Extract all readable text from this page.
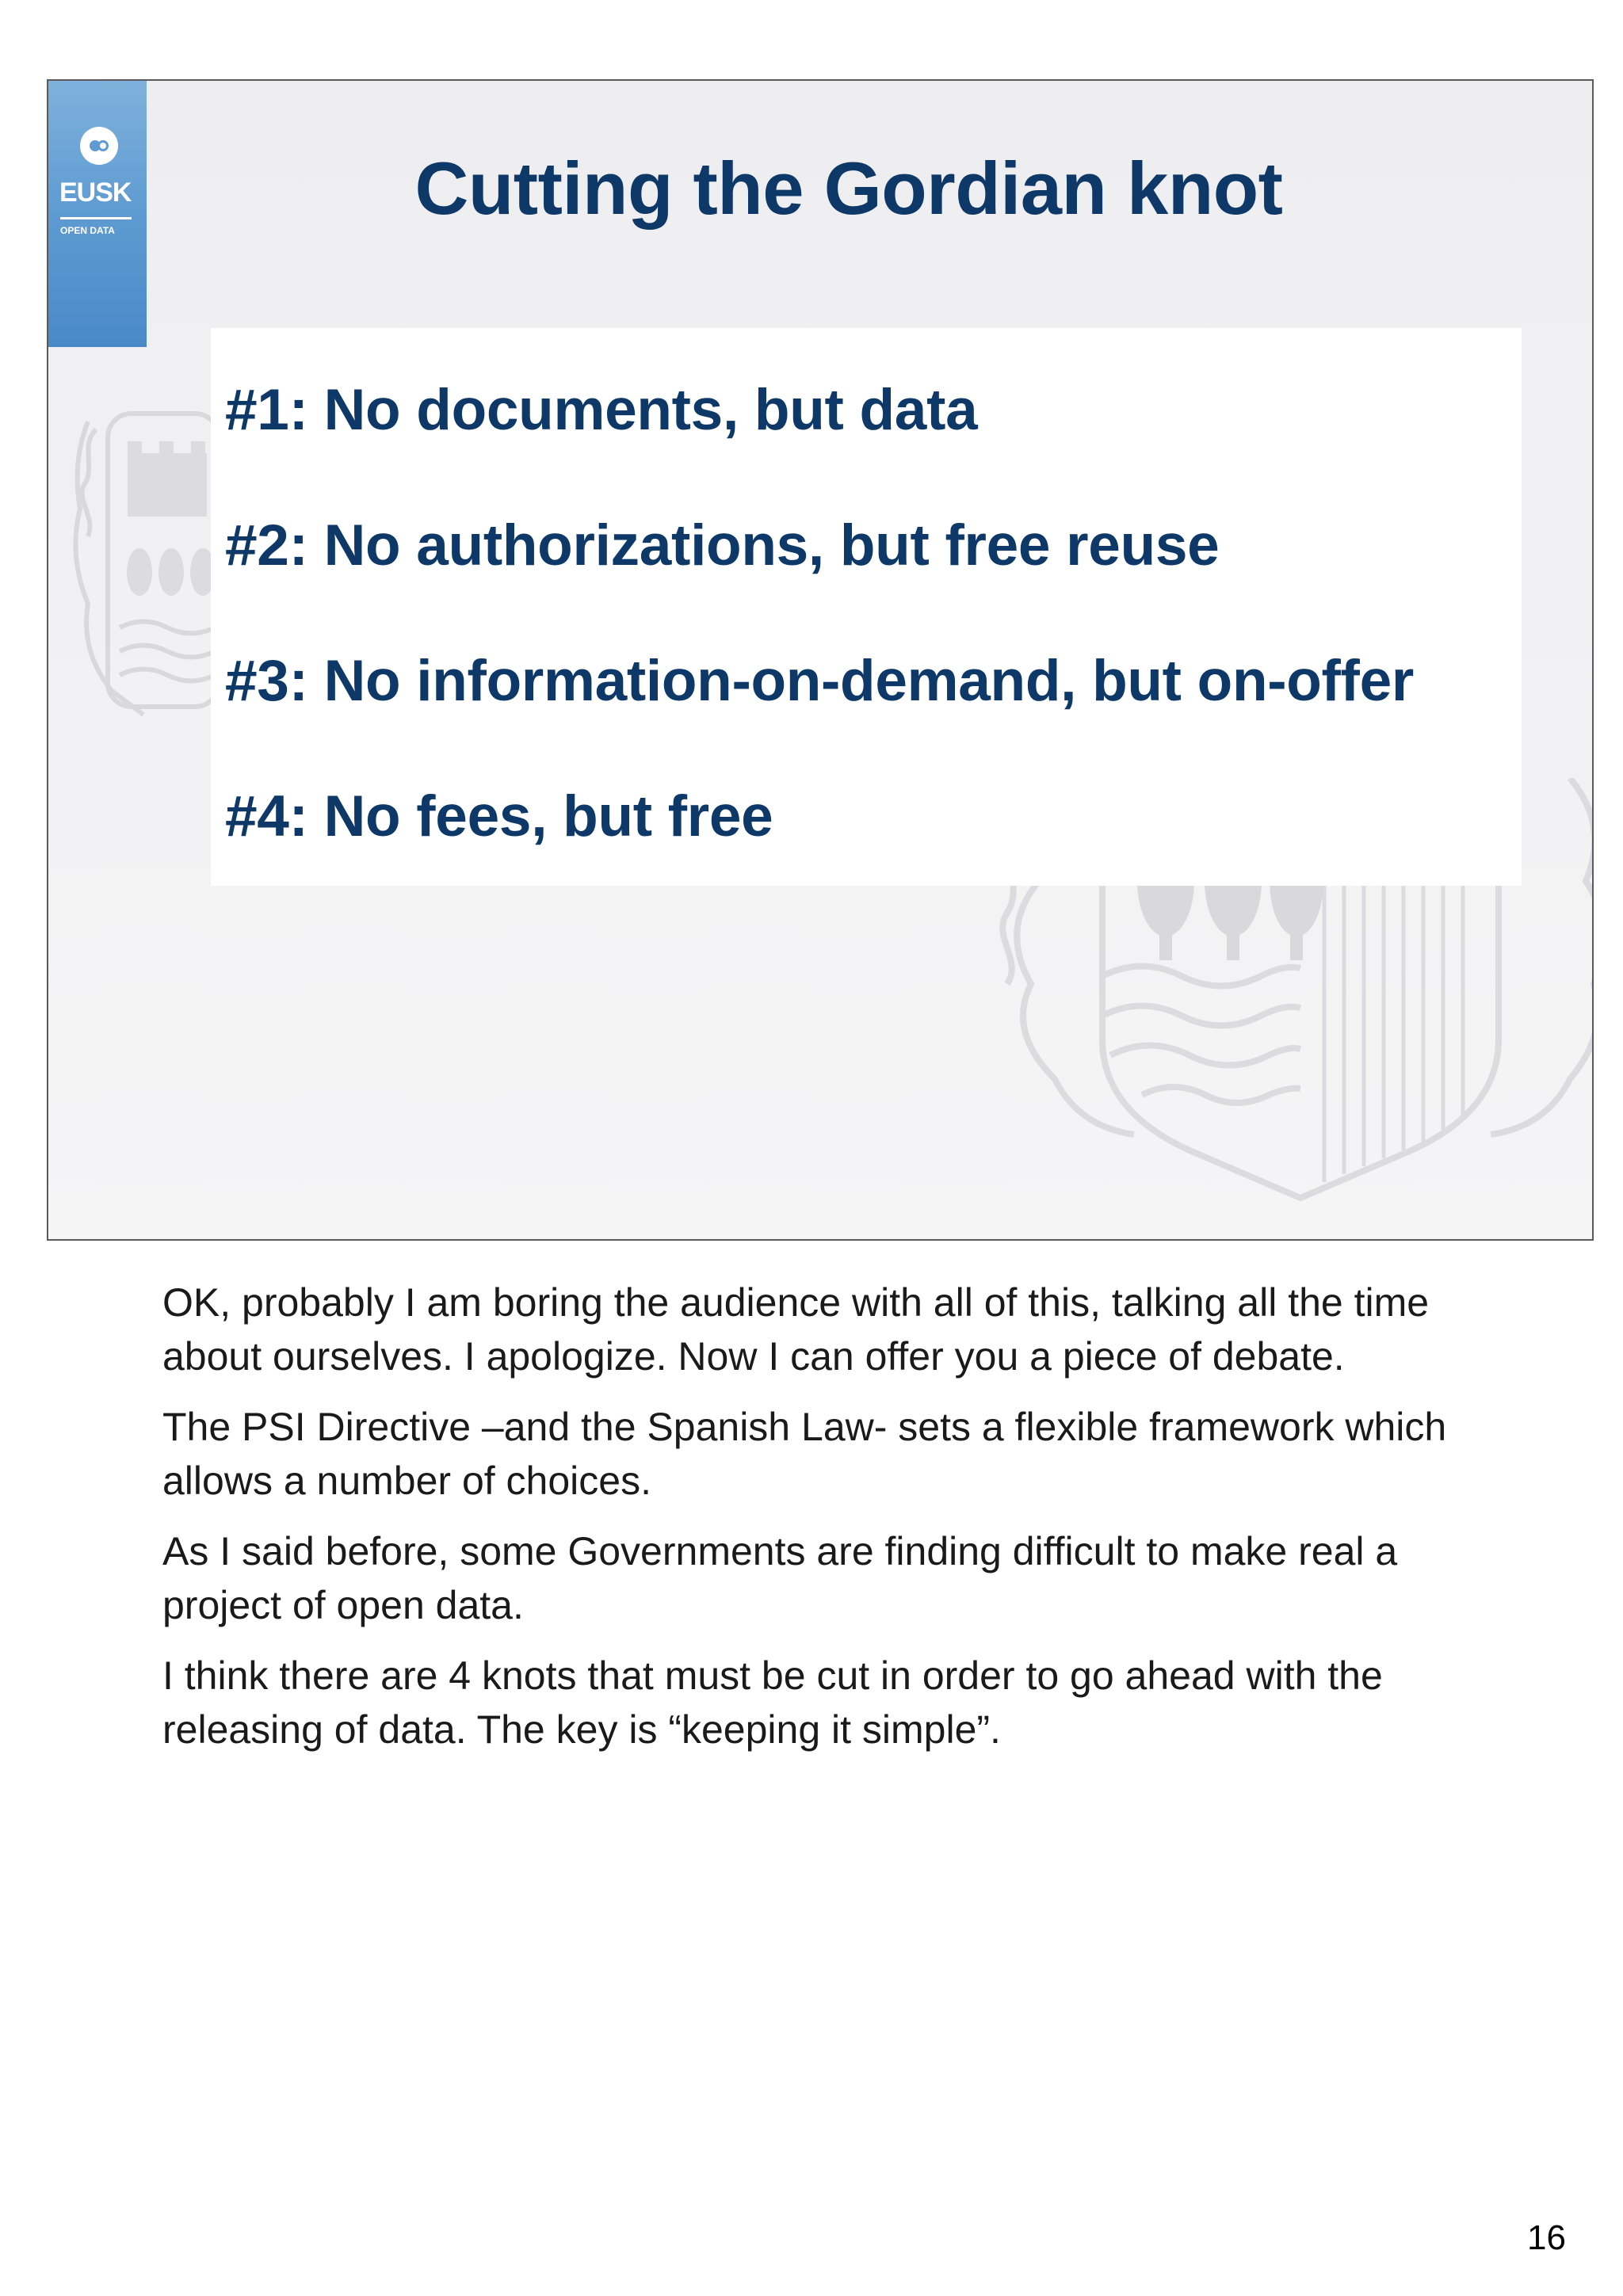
EUSK
OPEN DATA
Cutting the Gordian knot
#1: No documents, but data
#2: No authorizations, but free reuse
#3: No information-on-demand, but on-offer
#4: No fees, but free

OK, probably I am boring the audience with all of this, talking all the time about ourselves. I apologize. Now I can offer you a piece of debate.

The PSI Directive –and the Spanish Law- sets a flexible framework which allows a number of choices.

As I said before, some Governments are finding difficult to make real a project of open data.

I think there are 4 knots that must be cut in order to go ahead with the releasing of data. The key is “keeping it simple”.

16
